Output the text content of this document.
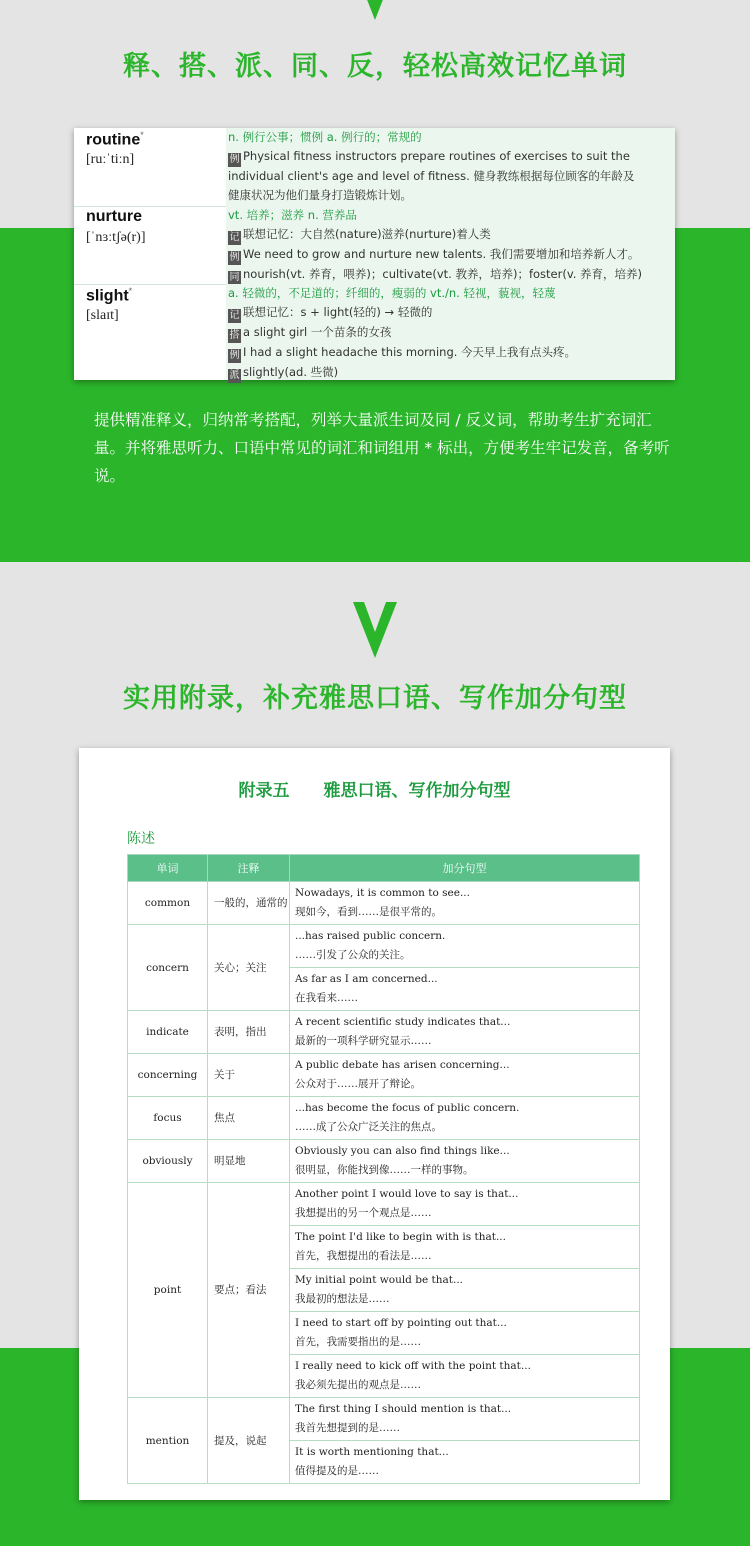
释、搭、派、同、反，轻松高效记忆单词
routine*
[ruːˈtiːn]
n. 例行公事；惯例 a. 例行的；常规的
例 Physical fitness instructors prepare routines of exercises to suit the
individual client's age and level of fitness. 健身教练根据每位顾客的年龄及
健康状况为他们量身打造锻炼计划。
nurture
[ˈnɜːtʃə(r)]
vt. 培养；滋养 n. 营养品
记 联想记忆：大自然(nature)滋养(nurture)着人类
例 We need to grow and nurture new talents. 我们需要增加和培养新人才。
同 nourish(vt. 养育，喂养)；cultivate(vt. 教养，培养)；foster(v. 养育，培养)
slight*
[slaɪt]
a. 轻微的，不足道的；纤细的，瘦弱的 vt./n. 轻视，藐视，轻蔑
记 联想记忆：s + light(轻的) → 轻微的
搭 a slight girl 一个苗条的女孩
例 I had a slight headache this morning. 今天早上我有点头疼。
派 slightly(ad. 些微)
提供精准释义，归纳常考搭配，列举大量派生词及同 / 反义词，帮助考生扩充词汇量。并将雅思听力、口语中常见的词汇和词组用 * 标出，方便考生牢记发音，备考听说。
实用附录，补充雅思口语、写作加分句型
附录五　　雅思口语、写作加分句型
陈述
单词	注释	加分句型
common	一般的，通常的	Nowadays, it is common to see...
现如今，看到……是很平常的。

concern	关心；关注	...has raised public concern.
……引发了公众的关注。

		As far as I am concerned...
在我看来……

indicate	表明，指出	A recent scientific study indicates that...
最新的一项科学研究显示……

concerning	关于	A public debate has arisen concerning...
公众对于……展开了辩论。

focus	焦点	...has become the focus of public concern.
……成了公众广泛关注的焦点。

obviously	明显地	Obviously you can also find things like...
很明显，你能找到像……一样的事物。

point	要点；看法	Another point I would love to say is that...
我想提出的另一个观点是……

		The point I'd like to begin with is that...
首先，我想提出的看法是……

		My initial point would be that...
我最初的想法是……

		I need to start off by pointing out that...
首先，我需要指出的是……

		I really need to kick off with the point that...
我必须先提出的观点是……

mention	提及，说起	The first thing I should mention is that...
我首先想提到的是……

		It is worth mentioning that...
值得提及的是……
